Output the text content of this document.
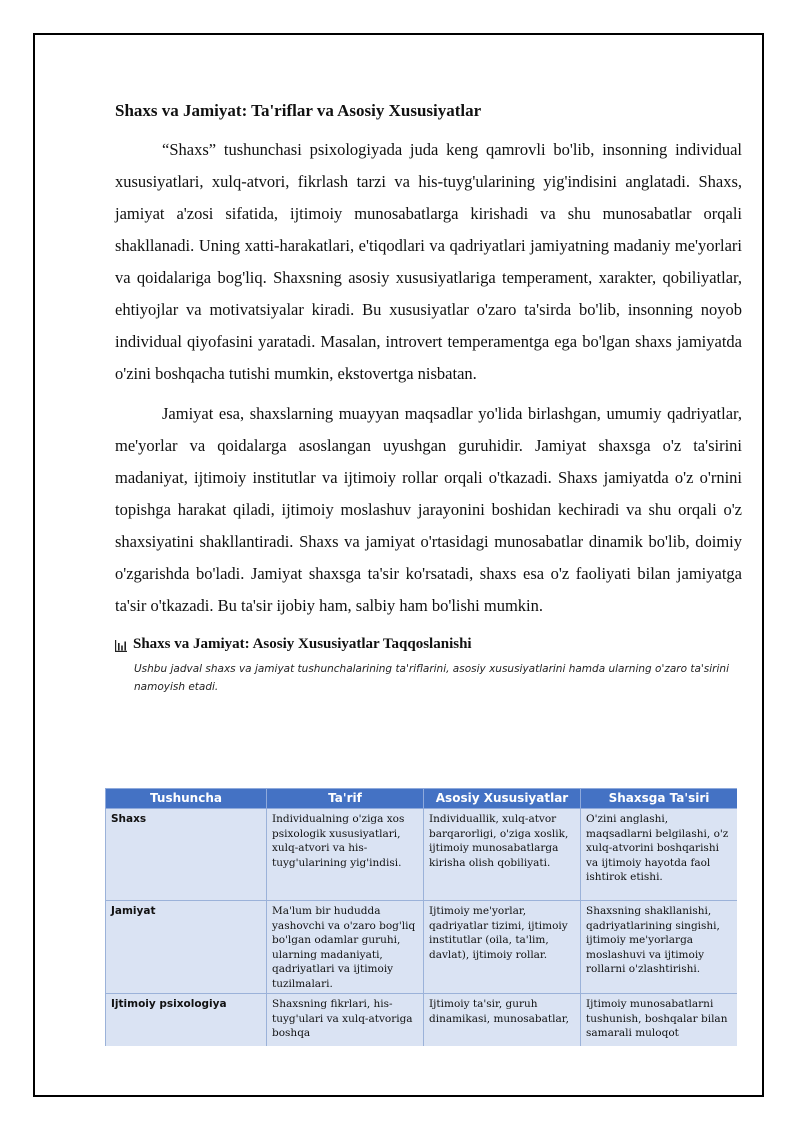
Shaxs va Jamiyat: Ta'riflar va Asosiy Xususiyatlar

“Shaxs” tushunchasi psixologiyada juda keng qamrovli bo'lib, insonning individual xususiyatlari, xulq-atvori, fikrlash tarzi va his-tuyg'ularining yig'indisini anglatadi. Shaxs, jamiyat a'zosi sifatida, ijtimoiy munosabatlarga kirishadi va shu munosabatlar orqali shakllanadi. Uning xatti-harakatlari, e'tiqodlari va qadriyatlari jamiyatning madaniy me'yorlari va qoidalariga bog'liq. Shaxsning asosiy xususiyatlariga temperament, xarakter, qobiliyatlar, ehtiyojlar va motivatsiyalar kiradi. Bu xususiyatlar o'zaro ta'sirda bo'lib, insonning noyob individual qiyofasini yaratadi. Masalan, introvert temperamentga ega bo'lgan shaxs jamiyatda o'zini boshqacha tutishi mumkin, ekstovertga nisbatan.

Jamiyat esa, shaxslarning muayyan maqsadlar yo'lida birlashgan, umumiy qadriyatlar, me'yorlar va qoidalarga asoslangan uyushgan guruhidir. Jamiyat shaxsga o'z ta'sirini madaniyat, ijtimoiy institutlar va ijtimoiy rollar orqali o'tkazadi. Shaxs jamiyatda o'z o'rnini topishga harakat qiladi, ijtimoiy moslashuv jarayonini boshidan kechiradi va shu orqali o'z shaxsiyatini shakllantiradi. Shaxs va jamiyat o'rtasidagi munosabatlar dinamik bo'lib, doimiy o'zgarishda bo'ladi. Jamiyat shaxsga ta'sir ko'rsatadi, shaxs esa o'z faoliyati bilan jamiyatga ta'sir o'tkazadi. Bu ta'sir ijobiy ham, salbiy ham bo'lishi mumkin.

Shaxs va Jamiyat: Asosiy Xususiyatlar Taqqoslanishi
Ushbu jadval shaxs va jamiyat tushunchalarining ta'riflarini, asosiy xususiyatlarini hamda ularning o'zaro ta'sirini namoyish etadi.
Tushuncha	Ta'rif	Asosiy Xususiyatlar	Shaxsga Ta'siri
Shaxs	Individualning o'ziga xos psixologik xususiyatlari, xulq-atvori va his-tuyg'ularining yig'indisi.	Individuallik, xulq-atvor barqarorligi, o'ziga xoslik, ijtimoiy munosabatlarga kirisha olish qobiliyati.	O'zini anglashi, maqsadlarni belgilashi, o'z xulq-atvorini boshqarishi va ijtimoiy hayotda faol ishtirok etishi.
Jamiyat	Ma'lum bir hududda yashovchi va o'zaro bog'liq bo'lgan odamlar guruhi, ularning madaniyati, qadriyatlari va ijtimoiy tuzilmalari.	Ijtimoiy me'yorlar, qadriyatlar tizimi, ijtimoiy institutlar (oila, ta'lim, davlat), ijtimoiy rollar.	Shaxsning shakllanishi, qadriyatlarining singishi, ijtimoiy me'yorlarga moslashuvi va ijtimoiy rollarni o'zlashtirishi.
Ijtimoiy psixologiya	Shaxsning fikrlari, his-tuyg'ulari va xulq-atvoriga boshqa	Ijtimoiy ta'sir, guruh dinamikasi, munosabatlar,	Ijtimoiy munosabatlarni tushunish, boshqalar bilan samarali muloqot
